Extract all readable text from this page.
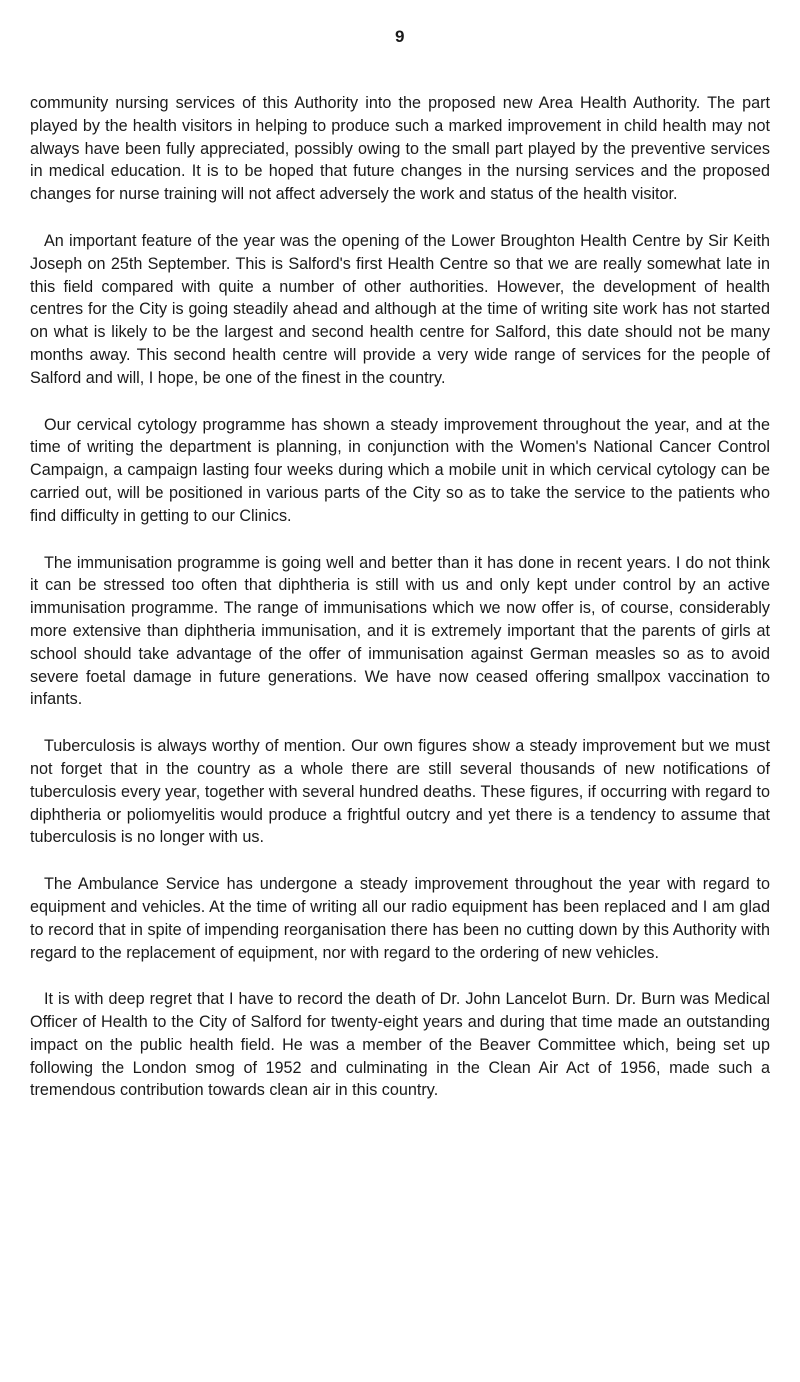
9

community nursing services of this Authority into the proposed new Area Health Authority. The part played by the health visitors in helping to produce such a marked improvement in child health may not always have been fully appreciated, possibly owing to the small part played by the preventive services in medical education. It is to be hoped that future changes in the nursing services and the proposed changes for nurse training will not affect adversely the work and status of the health visitor.

An important feature of the year was the opening of the Lower Broughton Health Centre by Sir Keith Joseph on 25th September. This is Salford's first Health Centre so that we are really somewhat late in this field compared with quite a number of other authorities. However, the development of health centres for the City is going steadily ahead and although at the time of writing site work has not started on what is likely to be the largest and second health centre for Salford, this date should not be many months away. This second health centre will provide a very wide range of services for the people of Salford and will, I hope, be one of the finest in the country.

Our cervical cytology programme has shown a steady improvement throughout the year, and at the time of writing the department is planning, in conjunction with the Women's National Cancer Control Campaign, a campaign lasting four weeks during which a mobile unit in which cervical cytology can be carried out, will be positioned in various parts of the City so as to take the service to the patients who find difficulty in getting to our Clinics.

The immunisation programme is going well and better than it has done in recent years. I do not think it can be stressed too often that diphtheria is still with us and only kept under control by an active immunisation programme. The range of immunisations which we now offer is, of course, considerably more extensive than diphtheria immunisation, and it is extremely important that the parents of girls at school should take advantage of the offer of immunisation against German measles so as to avoid severe foetal damage in future generations. We have now ceased offering smallpox vaccination to infants.

Tuberculosis is always worthy of mention. Our own figures show a steady improvement but we must not forget that in the country as a whole there are still several thousands of new notifications of tuberculosis every year, together with several hundred deaths. These figures, if occurring with regard to diphtheria or poliomyelitis would produce a frightful outcry and yet there is a tendency to assume that tuberculosis is no longer with us.

The Ambulance Service has undergone a steady improvement throughout the year with regard to equipment and vehicles. At the time of writing all our radio equipment has been replaced and I am glad to record that in spite of impending reorganisation there has been no cutting down by this Authority with regard to the replacement of equipment, nor with regard to the ordering of new vehicles.

It is with deep regret that I have to record the death of Dr. John Lancelot Burn. Dr. Burn was Medical Officer of Health to the City of Salford for twenty-eight years and during that time made an outstanding impact on the public health field. He was a member of the Beaver Committee which, being set up following the London smog of 1952 and culminating in the Clean Air Act of 1956, made such a tremendous contribution towards clean air in this country.
